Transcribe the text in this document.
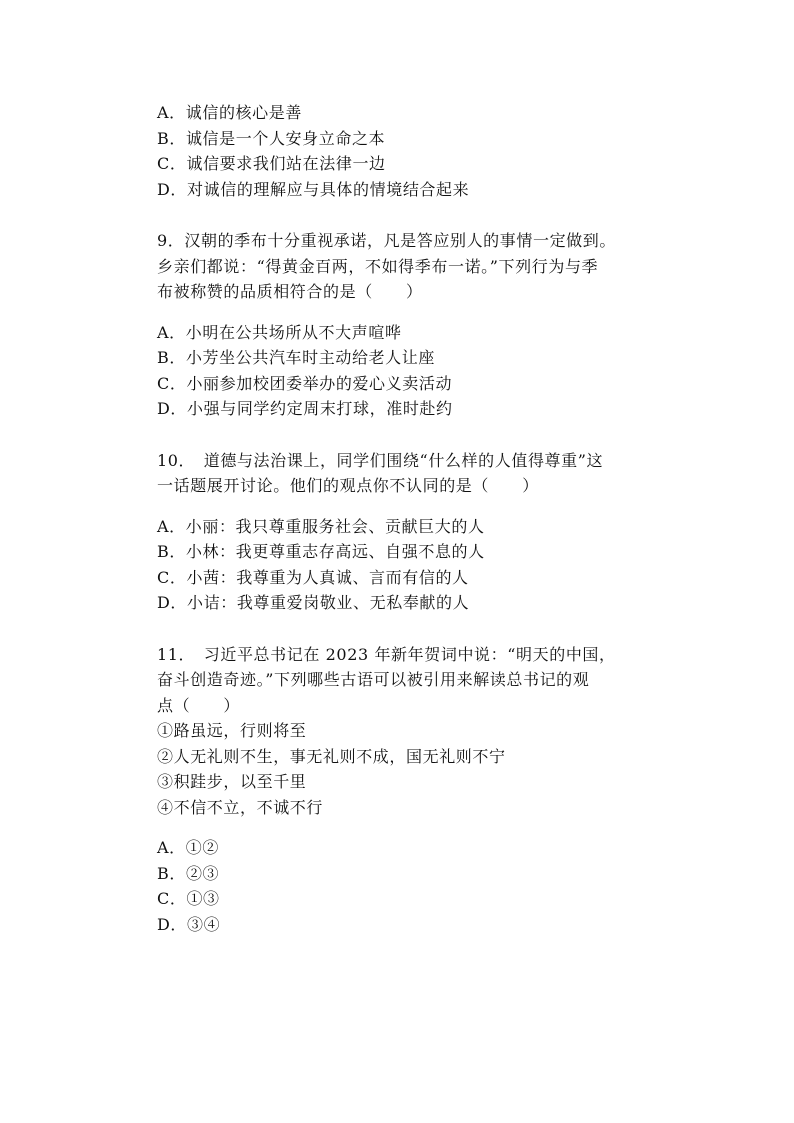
A．诚信的核心是善
B．诚信是一个人安身立命之本
C．诚信要求我们站在法律一边
D．对诚信的理解应与具体的情境结合起来
9．汉朝的季布十分重视承诺，凡是答应别人的事情一定做到。
乡亲们都说：“得黄金百两，不如得季布一诺。”下列行为与季
布被称赞的品质相符合的是（　　）
A．小明在公共场所从不大声喧哗
B．小芳坐公共汽车时主动给老人让座
C．小丽参加校团委举办的爱心义卖活动
D．小强与同学约定周末打球，准时赴约
10．　道德与法治课上，同学们围绕“什么样的人值得尊重”这
一话题展开讨论。他们的观点你不认同的是（　　）
A．小丽：我只尊重服务社会、贡献巨大的人
B．小林：我更尊重志存高远、自强不息的人
C．小茜：我尊重为人真诚、言而有信的人
D．小诘：我尊重爱岗敬业、无私奉献的人
11．　习近平总书记在 2023 年新年贺词中说：“明天的中国，
奋斗创造奇迹。”下列哪些古语可以被引用来解读总书记的观
点（　　）
①路虽远，行则将至
②人无礼则不生，事无礼则不成，国无礼则不宁
③积跬步，以至千里
④不信不立，不诚不行
A．①②
B．②③
C．①③
D．③④
